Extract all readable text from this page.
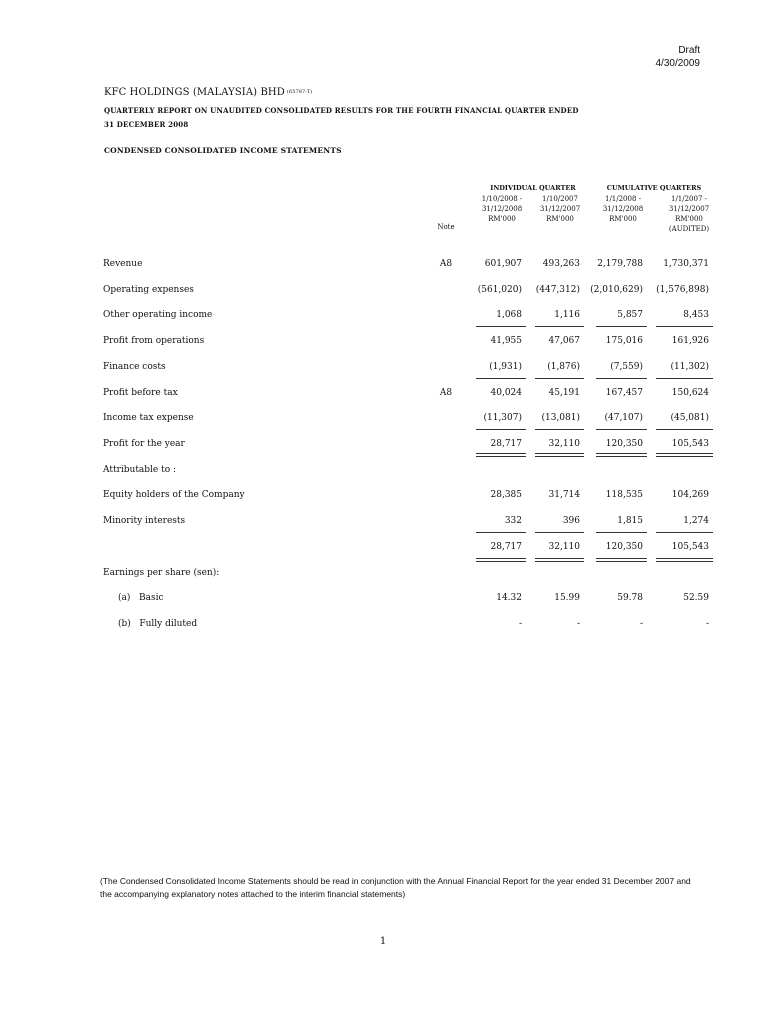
Draft
4/30/2009
KFC HOLDINGS (MALAYSIA) BHD $^{(65787-T)}$
QUARTERLY REPORT ON UNAUDITED CONSOLIDATED RESULTS FOR THE FOURTH FINANCIAL QUARTER ENDED
31 DECEMBER 2008
CONDENSED CONSOLIDATED INCOME STATEMENTS
INDIVIDUAL QUARTER	CUMULATIVE QUARTERS
Note
1/10/2008 -
31/12/2008
RM'000
1/10/2007
31/12/2007
RM'000
1/1/2008 -
31/12/2008
RM'000
1/1/2007 -
31/12/2007
RM'000
(AUDITED)
Revenue	A8	601,907	493,263	2,179,788	1,730,371
Operating expenses	(561,020)	(447,312)	(2,010,629)	(1,576,898)
Other operating income	1,068	1,116	5,857	8,453
Profit from operations	41,955	47,067	175,016	161,926
Finance costs	(1,931)	(1,876)	(7,559)	(11,302)
Profit before tax	A8	40,024	45,191	167,457	150,624
Income tax expense	(11,307)	(13,081)	(47,107)	(45,081)
Profit for the year	28,717	32,110	120,350	105,543
Attributable to :
Equity holders of the Company	28,385	31,714	118,535	104,269
Minority interests	332	396	1,815	1,274
28,717	32,110	120,350	105,543
Earnings per share (sen):
(a)   Basic	14.32	15.99	59.78	52.59
(b)   Fully diluted	-	-	-	-
(The Condensed Consolidated Income Statements should be read in conjunction with the Annual Financial Report for the year ended 31 December 2007 and the accompanying explanatory notes attached to the interim financial statements)
1
